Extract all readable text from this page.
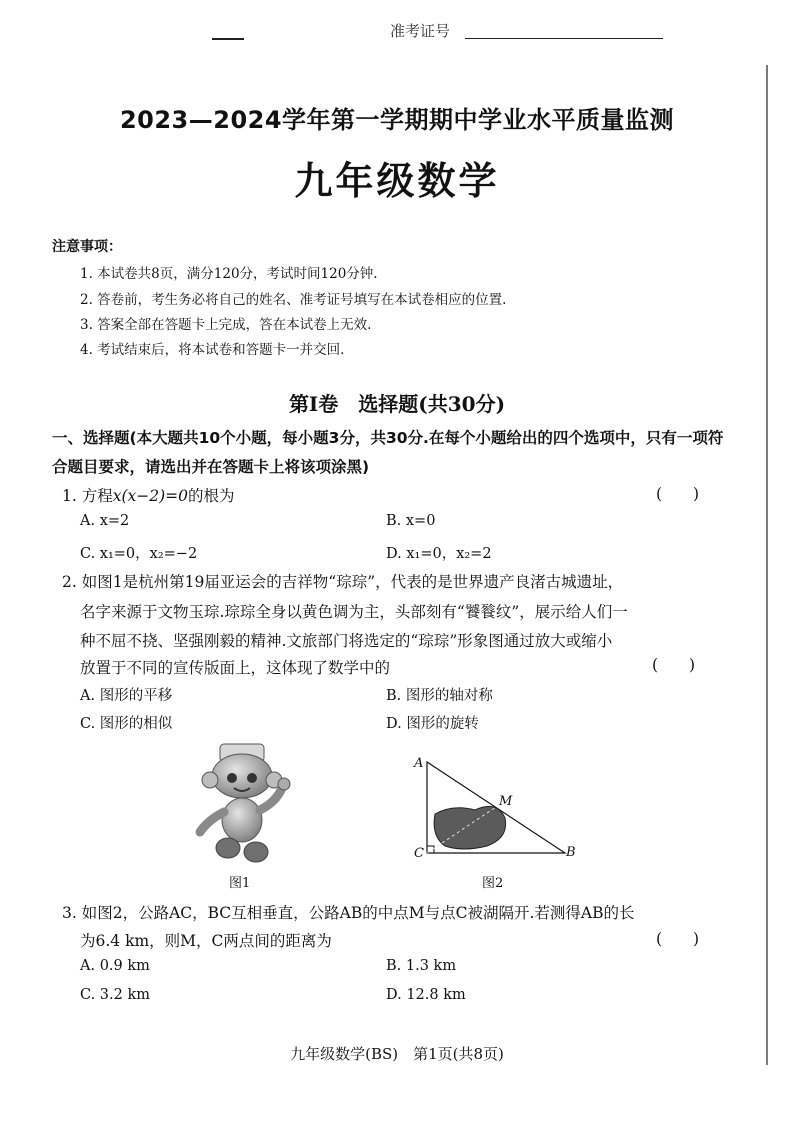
准考证号
2023—2024学年第一学期期中学业水平质量监测
九年级数学
注意事项：
1. 本试卷共8页，满分120分，考试时间120分钟.
2. 答卷前，考生务必将自己的姓名、准考证号填写在本试卷相应的位置.
3. 答案全部在答题卡上完成，答在本试卷上无效.
4. 考试结束后，将本试卷和答题卡一并交回.
第Ⅰ卷　选择题(共30分)
一、选择题(本大题共10个小题，每小题3分，共30分.在每个小题给出的四个选项中，只有一项符合题目要求，请选出并在答题卡上将该项涂黑)
1. 方程x(x−2)=0的根为	(　　)
A. x=2	B. x=0
C. x₁=0，x₂=−2	D. x₁=0，x₂=2
2. 如图1是杭州第19届亚运会的吉祥物“琮琮”，代表的是世界遗产良渚古城遗址，
名字来源于文物玉琮.琮琮全身以黄色调为主，头部刻有“饕餮纹”，展示给人们一
种不屈不挠、坚强刚毅的精神.文旅部门将选定的“琮琮”形象图通过放大或缩小
放置于不同的宣传版面上，这体现了数学中的	(　　)
A. 图形的平移	B. 图形的轴对称
C. 图形的相似	D. 图形的旋转
图1
A
C	B
M
图2
3. 如图2，公路AC，BC互相垂直，公路AB的中点M与点C被湖隔开.若测得AB的长
为6.4 km，则M，C两点间的距离为	(　　)
A. 0.9 km	B. 1.3 km
C. 3.2 km	D. 12.8 km
九年级数学(BS)　第1页(共8页)
